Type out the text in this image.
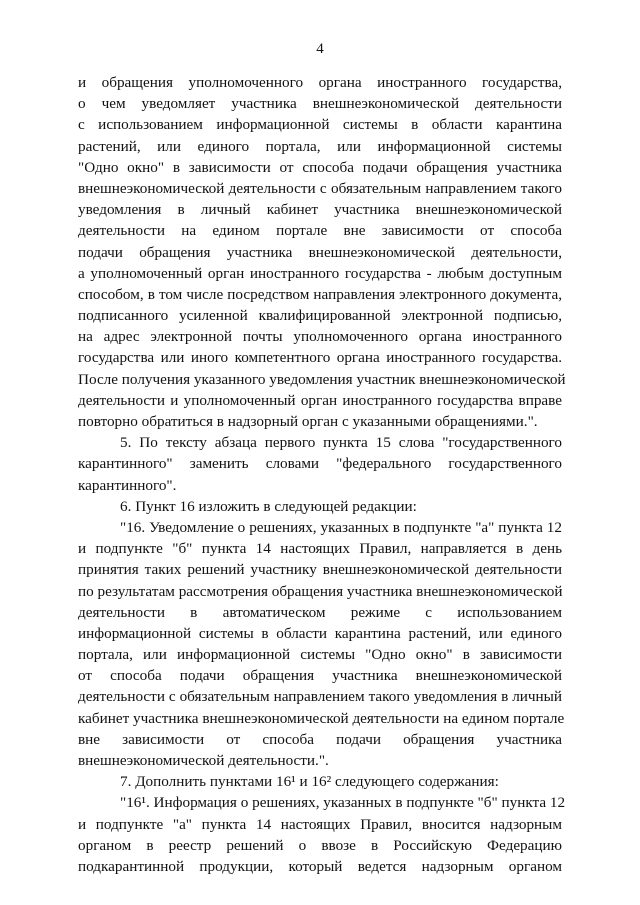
4
и обращения уполномоченного органа иностранного государства,
о чем уведомляет участника внешнеэкономической деятельности
с использованием информационной системы в области карантина
растений, или единого портала, или информационной системы
"Одно окно" в зависимости от способа подачи обращения участника
внешнеэкономической деятельности с обязательным направлением такого
уведомления в личный кабинет участника внешнеэкономической
деятельности на едином портале вне зависимости от способа
подачи обращения участника внешнеэкономической деятельности,
а уполномоченный орган иностранного государства - любым доступным
способом, в том числе посредством направления электронного документа,
подписанного усиленной квалифицированной электронной подписью,
на адрес электронной почты уполномоченного органа иностранного
государства или иного компетентного органа иностранного государства.
После получения указанного уведомления участник внешнеэкономической
деятельности и уполномоченный орган иностранного государства вправе
повторно обратиться в надзорный орган с указанными обращениями.".
5. По тексту абзаца первого пункта 15 слова "государственного
карантинного" заменить словами "федерального государственного
карантинного".
6. Пункт 16 изложить в следующей редакции:
"16. Уведомление о решениях, указанных в подпункте "а" пункта 12
и подпункте "б" пункта 14 настоящих Правил, направляется в день
принятия таких решений участнику внешнеэкономической деятельности
по результатам рассмотрения обращения участника внешнеэкономической
деятельности в автоматическом режиме с использованием
информационной системы в области карантина растений, или единого
портала, или информационной системы "Одно окно" в зависимости
от способа подачи обращения участника внешнеэкономической
деятельности с обязательным направлением такого уведомления в личный
кабинет участника внешнеэкономической деятельности на едином портале
вне зависимости от способа подачи обращения участника
внешнеэкономической деятельности.".
7. Дополнить пунктами 16¹ и 16² следующего содержания:
"16¹. Информация о решениях, указанных в подпункте "б" пункта 12
и подпункте "а" пункта 14 настоящих Правил, вносится надзорным
органом в реестр решений о ввозе в Российскую Федерацию
подкарантинной продукции, который ведется надзорным органом
